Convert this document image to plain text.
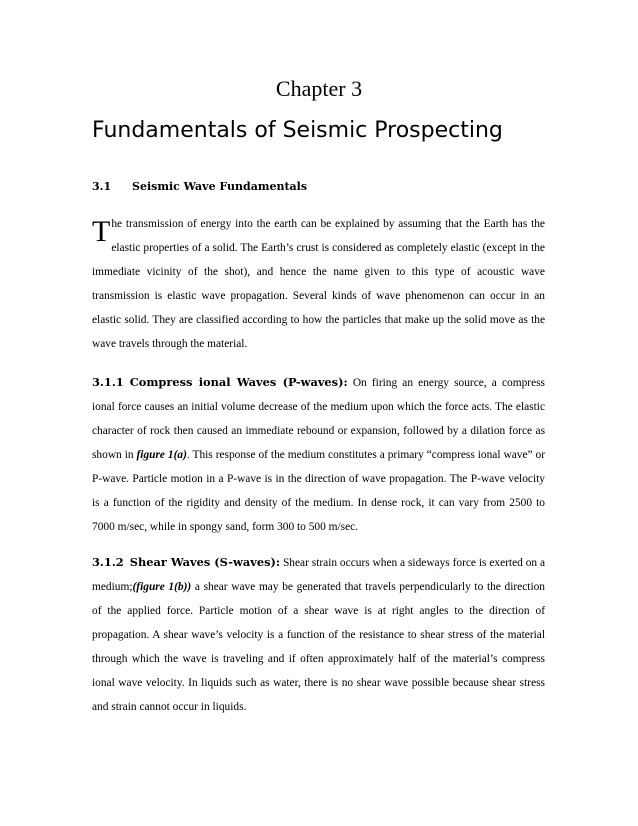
Chapter 3
Fundamentals of Seismic Prospecting
3.1 Seismic Wave Fundamentals

The transmission of energy into the earth can be explained by assuming that the Earth has the elastic properties of a solid. The Earth’s crust is considered as completely elastic (except in the immediate vicinity of the shot), and hence the name given to this type of acoustic wave transmission is elastic wave propagation. Several kinds of wave phenomenon can occur in an elastic solid. They are classified according to how the particles that make up the solid move as the wave travels through the material.

3.1.1 Compress ional Waves (P-waves): On firing an energy source, a compress ional force causes an initial volume decrease of the medium upon which the force acts. The elastic character of rock then caused an immediate rebound or expansion, followed by a dilation force as shown in figure 1(a). This response of the medium constitutes a primary “compress ional wave” or P-wave. Particle motion in a P-wave is in the direction of wave propagation. The P-wave velocity is a function of the rigidity and density of the medium. In dense rock, it can vary from 2500 to 7000 m/sec, while in spongy sand, form 300 to 500 m/sec.

3.1.2 Shear Waves (S-waves): Shear strain occurs when a sideways force is exerted on a medium;(figure 1(b)) a shear wave may be generated that travels perpendicularly to the direction of the applied force. Particle motion of a shear wave is at right angles to the direction of propagation. A shear wave’s velocity is a function of the resistance to shear stress of the material through which the wave is traveling and if often approximately half of the material’s compress ional wave velocity. In liquids such as water, there is no shear wave possible because shear stress and strain cannot occur in liquids.
